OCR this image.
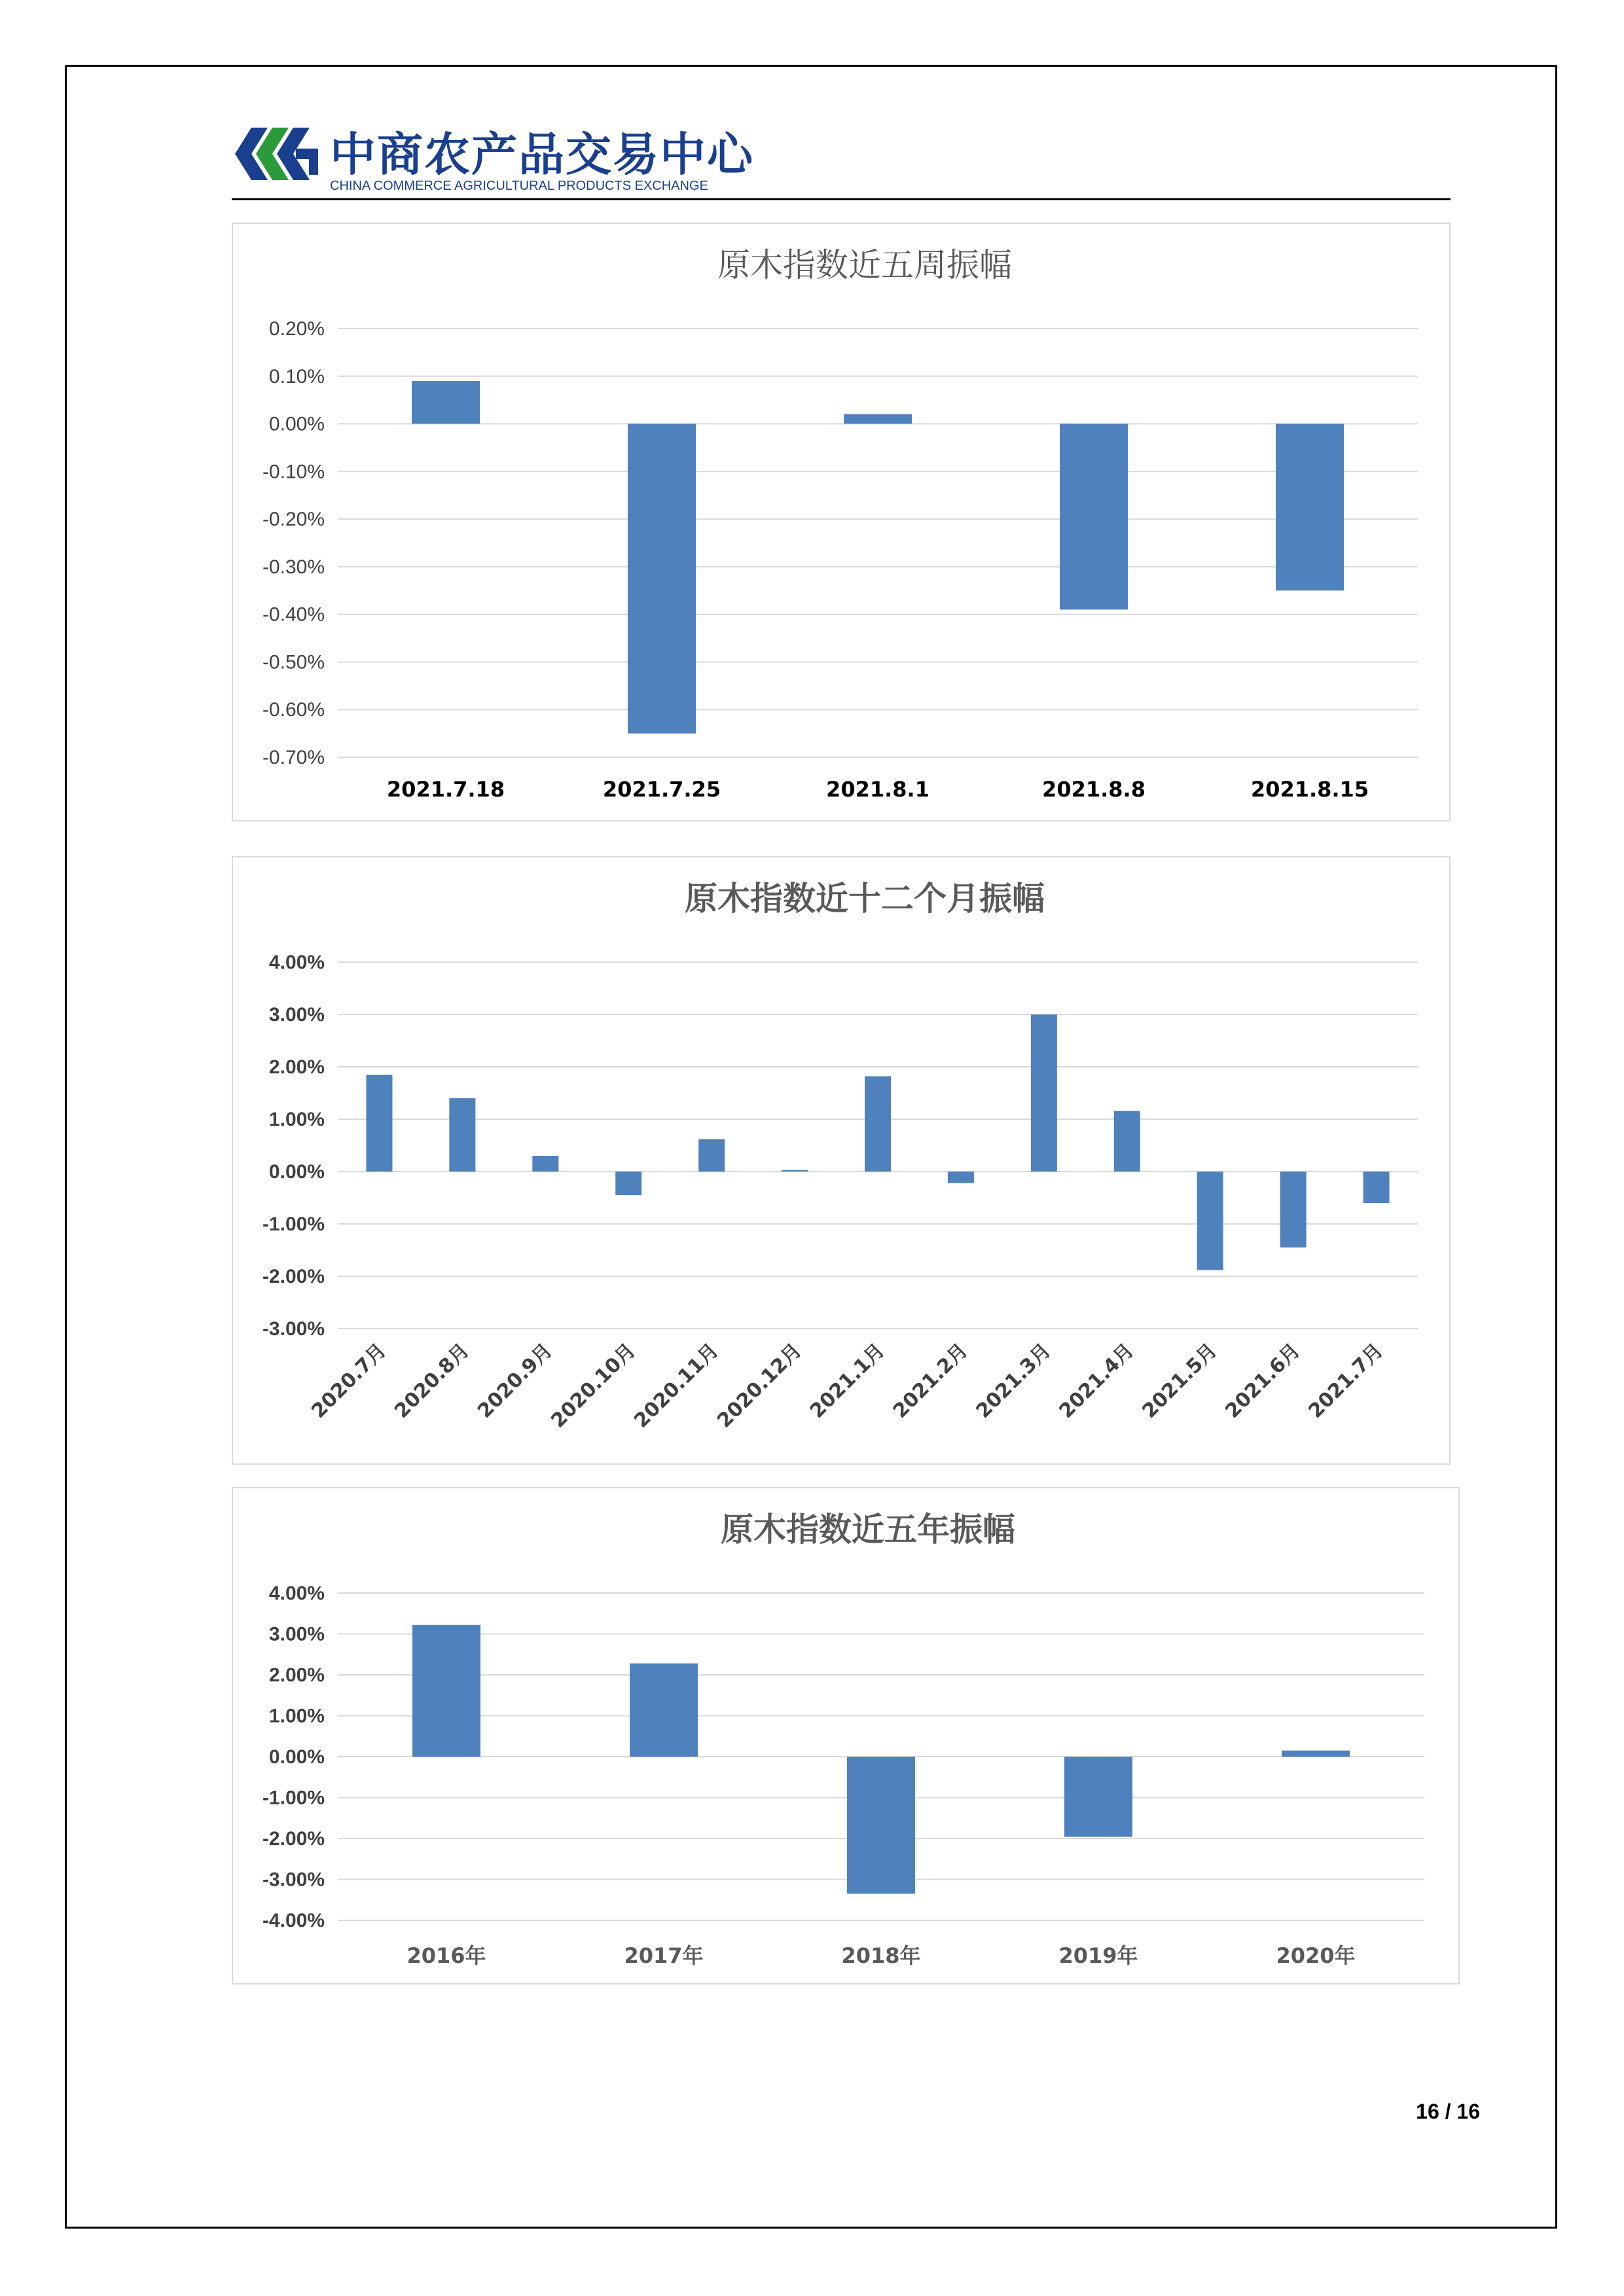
中商农产品交易中心
CHINA COMMERCE AGRICULTURAL PRODUCTS EXCHANGE
原木指数近五周振幅
0.20%
0.10%
0.00%
-0.10%
-0.20%
-0.30%
-0.40%
-0.50%
-0.60%
-0.70%
2021.7.18	2021.7.25	2021.8.1	2021.8.8	2021.8.15
原木指数近十二个月振幅
4.00%
3.00%
2.00%
1.00%
0.00%
-1.00%
-2.00%
-3.00%
2020.7月 2020.8月 2020.9月
2020.10月
2020.11月
2020.12月 2021.1月 2021.2月 2021.3月 2021.4月 2021.5月 2021.6月 2021.7月
原木指数近五年振幅
4.00%
3.00%
2.00%
1.00%
0.00%
-1.00%
-2.00%
-3.00%
-4.00%
2016年	2017年	2018年	2019年	2020年
16 / 16
